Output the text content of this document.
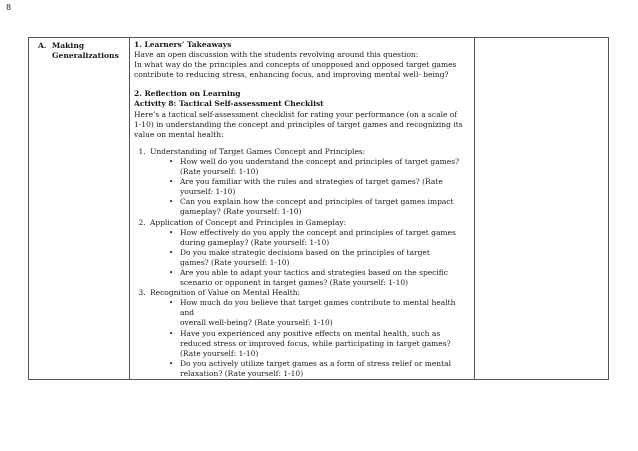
8
A. Making
Generalizations

1. Learners’ Takeaways
Have an open discussion with the students revolving around this question:
In what way do the principles and concepts of unopposed and opposed target games
contribute to reducing stress, enhancing focus, and improving mental well- being?
2. Reflection on Learning
Activity 8: Tactical Self-assessment Checklist
Here’s a tactical self-assessment checklist for rating your performance (on a scale of
1-10) in understanding the concept and principles of target games and recognizing its
value on mental health:
1. Understanding of Target Games Concept and Principles:
• How well do you understand the concept and principles of target games?
(Rate yourself: 1-10)
• Are you familiar with the rules and strategies of target games? (Rate
yourself: 1-10)
• Can you explain how the concept and principles of target games impact
gameplay? (Rate yourself: 1-10)
2. Application of Concept and Principles in Gameplay:
• How effectively do you apply the concept and principles of target games
during gameplay? (Rate yourself: 1-10)
• Do you make strategic decisions based on the principles of target
games? (Rate yourself: 1-10)
• Are you able to adapt your tactics and strategies based on the specific
scenario or opponent in target games? (Rate yourself: 1-10)
3. Recognition of Value on Mental Health:
• How much do you believe that target games contribute to mental health and
overall well-being? (Rate yourself: 1-10)
• Have you experienced any positive effects on mental health, such as
reduced stress or improved focus, while participating in target games?
(Rate yourself: 1-10)
• Do you actively utilize target games as a form of stress relief or mental
relaxation? (Rate yourself: 1-10)
